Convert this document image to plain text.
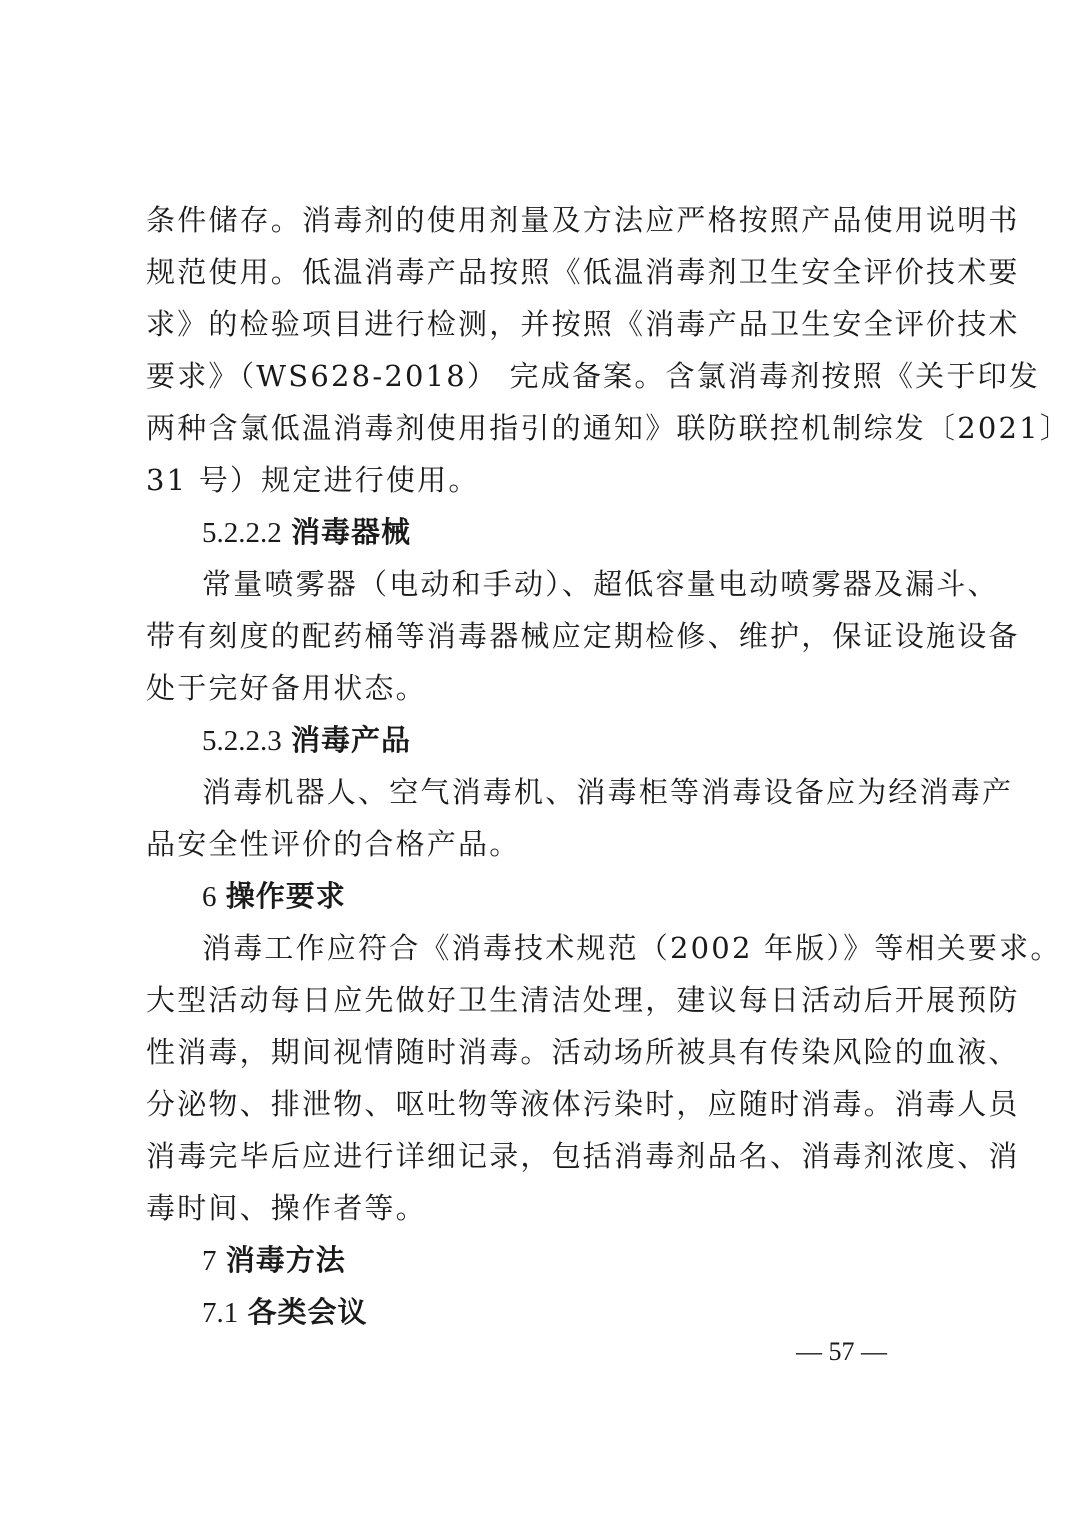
条件储存。消毒剂的使用剂量及方法应严格按照产品使用说明书
规范使用。低温消毒产品按照《低温消毒剂卫生安全评价技术要
求》的检验项目进行检测，并按照《消毒产品卫生安全评价技术
要求》（WS628-2018） 完成备案。含氯消毒剂按照《关于印发
两种含氯低温消毒剂使用指引的通知》联防联控机制综发〔2021〕
31 号）规定进行使用。
5.2.2.2 消毒器械
常量喷雾器（电动和手动）、超低容量电动喷雾器及漏斗、
带有刻度的配药桶等消毒器械应定期检修、维护，保证设施设备
处于完好备用状态。
5.2.2.3 消毒产品
消毒机器人、空气消毒机、消毒柜等消毒设备应为经消毒产
品安全性评价的合格产品。
6 操作要求
消毒工作应符合《消毒技术规范（2002 年版）》等相关要求。
大型活动每日应先做好卫生清洁处理，建议每日活动后开展预防
性消毒，期间视情随时消毒。活动场所被具有传染风险的血液、
分泌物、排泄物、呕吐物等液体污染时，应随时消毒。消毒人员
消毒完毕后应进行详细记录，包括消毒剂品名、消毒剂浓度、消
毒时间、操作者等。
7 消毒方法
7.1 各类会议
— 57 —
